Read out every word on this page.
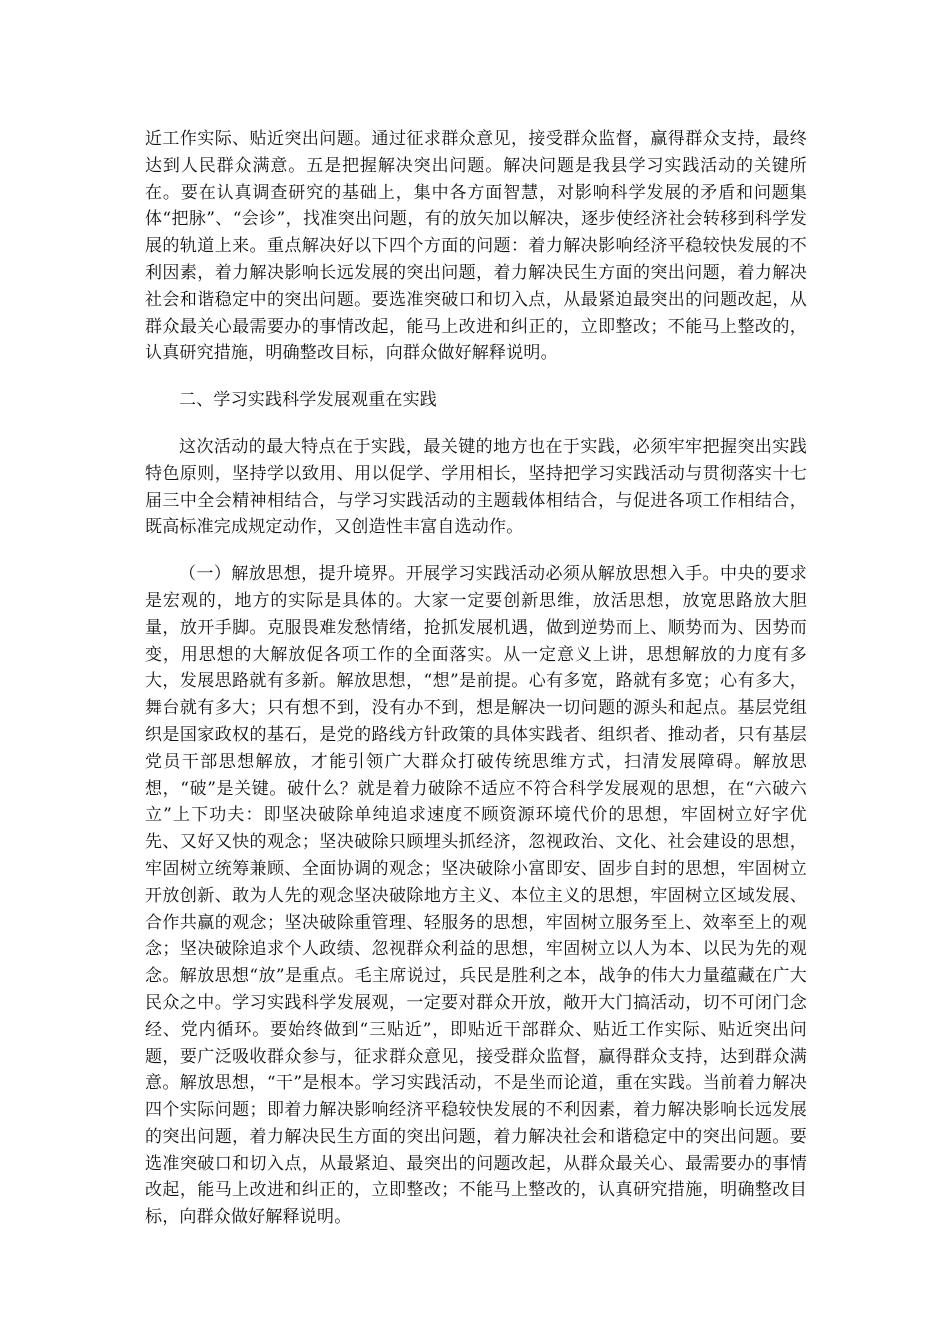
近工作实际、贴近突出问题。通过征求群众意见，接受群众监督，赢得群众支持，最终达到人民群众满意。五是把握解决突出问题。解决问题是我县学习实践活动的关键所在。要在认真调查研究的基础上，集中各方面智慧，对影响科学发展的矛盾和问题集体“把脉”、“会诊”，找准突出问题，有的放矢加以解决，逐步使经济社会转移到科学发展的轨道上来。重点解决好以下四个方面的问题：着力解决影响经济平稳较快发展的不利因素，着力解决影响长远发展的突出问题，着力解决民生方面的突出问题，着力解决社会和谐稳定中的突出问题。要选准突破口和切入点，从最紧迫最突出的问题改起，从群众最关心最需要办的事情改起，能马上改进和纠正的，立即整改；不能马上整改的，认真研究措施，明确整改目标，向群众做好解释说明。

二、学习实践科学发展观重在实践

这次活动的最大特点在于实践，最关键的地方也在于实践，必须牢牢把握突出实践特色原则，坚持学以致用、用以促学、学用相长，坚持把学习实践活动与贯彻落实十七届三中全会精神相结合，与学习实践活动的主题载体相结合，与促进各项工作相结合，既高标准完成规定动作，又创造性丰富自选动作。

（一）解放思想，提升境界。开展学习实践活动必须从解放思想入手。中央的要求是宏观的，地方的实际是具体的。大家一定要创新思维，放活思想，放宽思路放大胆量，放开手脚。克服畏难发愁情绪，抢抓发展机遇，做到逆势而上、顺势而为、因势而变，用思想的大解放促各项工作的全面落实。从一定意义上讲，思想解放的力度有多大，发展思路就有多新。解放思想，“想”是前提。心有多宽，路就有多宽；心有多大，舞台就有多大；只有想不到，没有办不到，想是解决一切问题的源头和起点。基层党组织是国家政权的基石，是党的路线方针政策的具体实践者、组织者、推动者，只有基层党员干部思想解放，才能引领广大群众打破传统思维方式，扫清发展障碍。解放思想，“破”是关键。破什么？就是着力破除不适应不符合科学发展观的思想，在“六破六立”上下功夫：即坚决破除单纯追求速度不顾资源环境代价的思想，牢固树立好字优先、又好又快的观念；坚决破除只顾埋头抓经济，忽视政治、文化、社会建设的思想，牢固树立统筹兼顾、全面协调的观念；坚决破除小富即安、固步自封的思想，牢固树立开放创新、敢为人先的观念坚决破除地方主义、本位主义的思想，牢固树立区域发展、合作共赢的观念；坚决破除重管理、轻服务的思想，牢固树立服务至上、效率至上的观念；坚决破除追求个人政绩、忽视群众利益的思想，牢固树立以人为本、以民为先的观念。解放思想“放”是重点。毛主席说过，兵民是胜利之本，战争的伟大力量蕴藏在广大民众之中。学习实践科学发展观，一定要对群众开放，敞开大门搞活动，切不可闭门念经、党内循环。要始终做到“三贴近”，即贴近干部群众、贴近工作实际、贴近突出问题，要广泛吸收群众参与，征求群众意见，接受群众监督，赢得群众支持，达到群众满意。解放思想，“干”是根本。学习实践活动，不是坐而论道，重在实践。当前着力解决四个实际问题；即着力解决影响经济平稳较快发展的不利因素，着力解决影响长远发展的突出问题，着力解决民生方面的突出问题，着力解决社会和谐稳定中的突出问题。要选准突破口和切入点，从最紧迫、最突出的问题改起，从群众最关心、最需要办的事情改起，能马上改进和纠正的，立即整改；不能马上整改的，认真研究措施，明确整改目标，向群众做好解释说明。
